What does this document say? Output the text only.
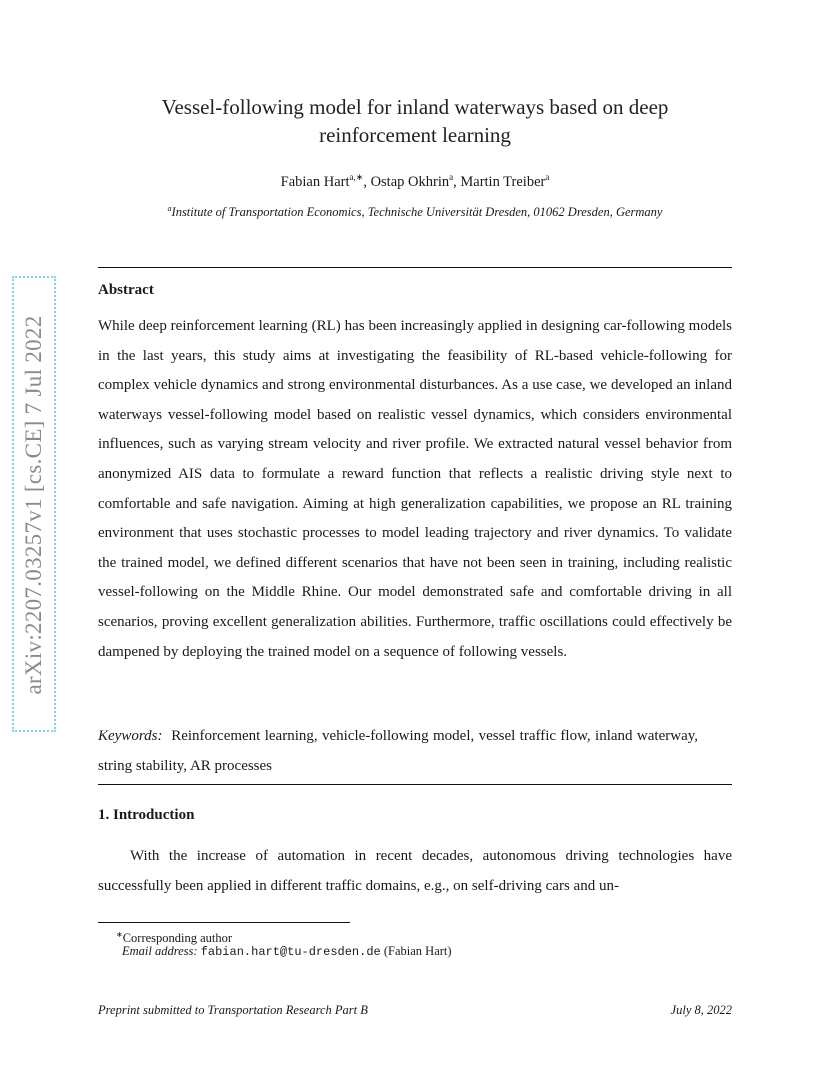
arXiv:2207.03257v1 [cs.CE] 7 Jul 2022
Vessel-following model for inland waterways based on deep
reinforcement learning
Fabian Hart$^{a,∗}$, Ostap Okhrin$^a$, Martin Treiber$^a$
$^a$Institute of Transportation Economics, Technische Universität Dresden, 01062 Dresden, Germany
Abstract
While deep reinforcement learning (RL) has been increasingly applied in designing car-following models in the last years, this study aims at investigating the feasibility of RL-based vehicle-following for complex vehicle dynamics and strong environmental disturbances. As a use case, we developed an inland waterways vessel-following model based on realistic vessel dynamics, which considers environmental influences, such as varying stream velocity and river profile. We extracted natural vessel behavior from anonymized AIS data to formulate a reward function that reflects a realistic driving style next to comfortable and safe navigation. Aiming at high generalization capabilities, we propose an RL training environment that uses stochastic processes to model leading trajectory and river dynamics. To validate the trained model, we defined different scenarios that have not been seen in training, including realistic vessel-following on the Middle Rhine. Our model demonstrated safe and comfortable driving in all scenarios, proving excellent generalization abilities. Furthermore, traffic oscillations could effectively be dampened by deploying the trained model on a sequence of following vessels.
Keywords: Reinforcement learning, vehicle-following model, vessel traffic flow, inland waterway, string stability, AR processes
1. Introduction
With the increase of automation in recent decades, autonomous driving technologies have successfully been applied in different traffic domains, e.g., on self-driving cars and un-
∗Corresponding author
Email address: fabian.hart@tu-dresden.de (Fabian Hart)
Preprint submitted to Transportation Research Part B	July 8, 2022
